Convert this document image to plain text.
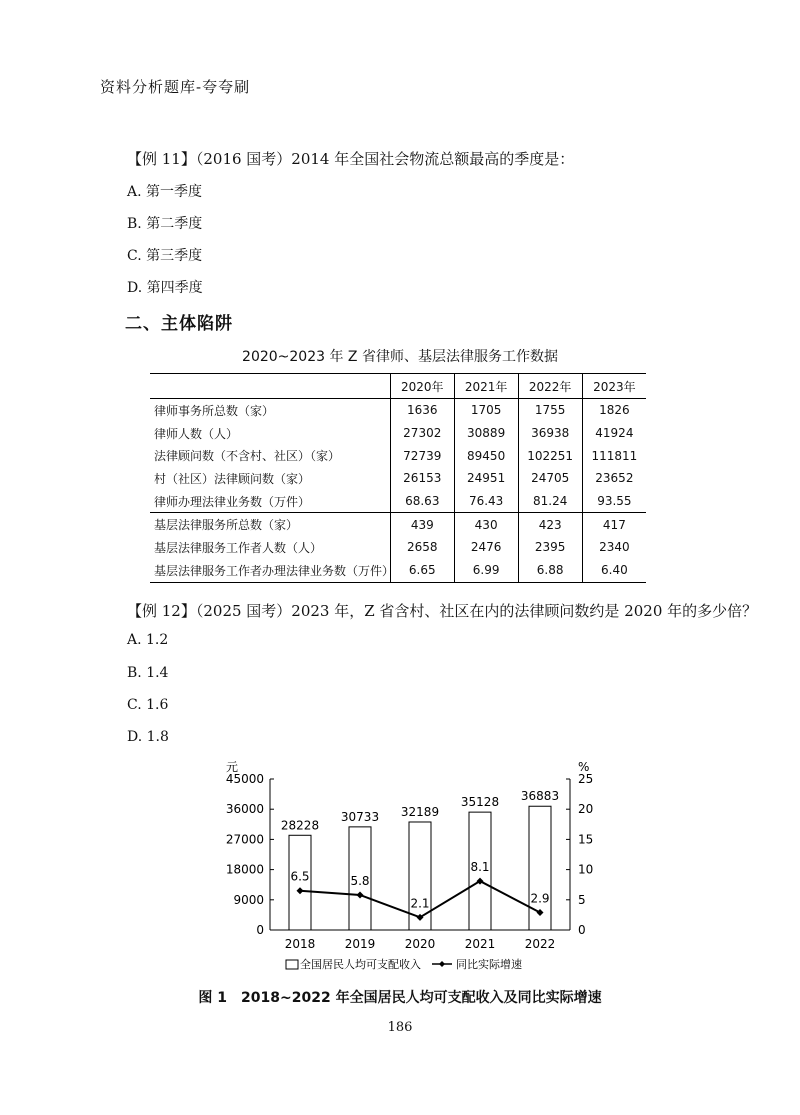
资料分析题库-夸夸刷
【例 11】（2016 国考）2014 年全国社会物流总额最高的季度是：
A. 第一季度
B. 第二季度
C. 第三季度
D. 第四季度
二、主体陷阱
2020~2023 年 Z 省律师、基层法律服务工作数据
	2020年	2021年	2022年	2023年
律师事务所总数（家）	1636	1705	1755	1826
律师人数（人）	27302	30889	36938	41924
法律顾问数（不含村、社区）（家）	72739	89450	102251	111811
村（社区）法律顾问数（家）	26153	24951	24705	23652
律师办理法律业务数（万件）	68.63	76.43	81.24	93.55
基层法律服务所总数（家）	439	430	423	417
基层法律服务工作者人数（人）	2658	2476	2395	2340
基层法律服务工作者办理法律业务数（万件）	6.65	6.99	6.88	6.40
【例 12】（2025 国考）2023 年，Z 省含村、社区在内的法律顾问数约是 2020 年的多少倍？
A. 1.2
B. 1.4
C. 1.6
D. 1.8
元	%
0
9000
18000
27000
36000
45000
0
5
10
15
20
25
28228
2018
30733
2019
32189
2020
35128
2021
36883
2022
6.5	5.8
2.1
8.1
2.9
全国居民人均可支配收入	同比实际增速
图 1　2018~2022 年全国居民人均可支配收入及同比实际增速
186
